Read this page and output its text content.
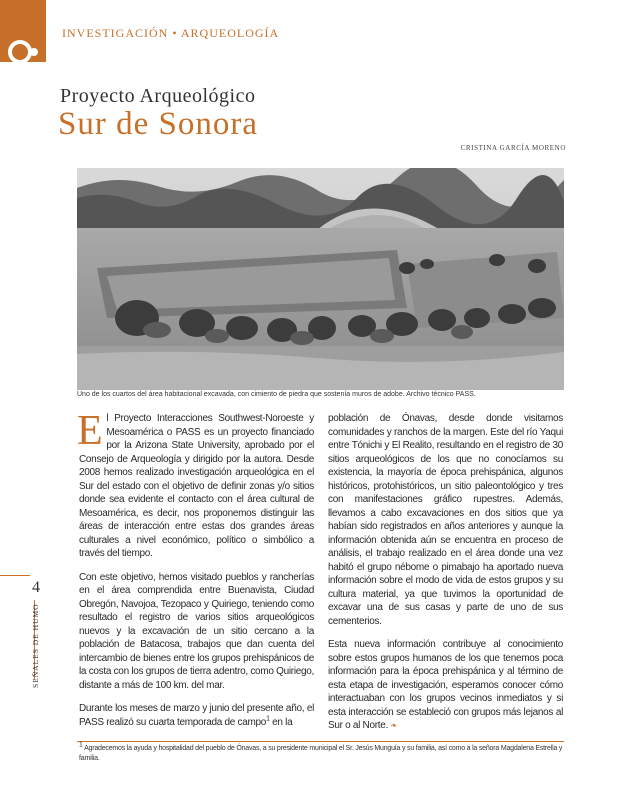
INVESTIGACIÓN • ARQUEOLOGÍA
Proyecto Arqueológico
Sur de Sonora
CRISTINA GARCÍA MORENO
Uno de los cuartos del área habitacional excavada, con cimiento de piedra que sostenía muros de adobe. Archivo técnico PASS.

El Proyecto Interacciones Southwest-Noroeste y Mesoamérica o PASS es un proyecto financiado por la Arizona State University, aprobado por el Consejo de Arqueología y dirigido por la autora. Desde 2008 hemos realizado investigación arqueológica en el Sur del estado con el objetivo de definir zonas y/o sitios donde sea evidente el contacto con el área cultural de Mesoamérica, es decir, nos proponemos distinguir las áreas de interacción entre estas dos grandes áreas culturales a nivel económico, político o simbólico a través del tiempo.

Con este objetivo, hemos visitado pueblos y rancherías en el área comprendida entre Buenavista, Ciudad Obregón, Navojoa, Tezopaco y Quiriego, teniendo como resultado el registro de varios sitios arqueológicos nuevos y la excavación de un sitio cercano a la población de Batacosa, trabajos que dan cuenta del intercambio de bienes entre los grupos prehispánicos de la costa con los grupos de tierra adentro, como Quiriego, distante a más de 100 km. del mar.

Durante los meses de marzo y junio del presente año, el PASS realizó su cuarta temporada de campo$^1$ en la

población de Ónavas, desde donde visitamos comunidades y ranchos de la margen. Este del río Yaqui entre Tónichi y El Realito, resultando en el registro de 30 sitios arqueológicos de los que no conocíamos su existencia, la mayoría de época prehispánica, algunos históricos, protohistóricos, un sitio paleontológico y tres con manifestaciones gráfico rupestres. Además, llevamos a cabo excavaciones en dos sitios que ya habían sido registrados en años anteriores y aunque la información obtenida aún se encuentra en proceso de análisis, el trabajo realizado en el área donde una vez habitó el grupo nébome o pimabajo ha aportado nueva información sobre el modo de vida de estos grupos y su cultura material, ya que tuvimos la oportunidad de excavar una de sus casas y parte de uno de sus cementerios.

Esta nueva información contribuye al conocimiento sobre estos grupos humanos de los que tenemos poca información para la época prehispánica y al término de esta etapa de investigación, esperamos conocer cómo interactuaban con los grupos vecinos inmediatos y si esta interacción se estableció con grupos más lejanos al Sur o al Norte. ❧

4
SEÑALES DE HUMO
1 Agradecemos la ayuda y hospitalidad del pueblo de Ónavas, a su presidente municipal el Sr. Jesús Munguía y su familia, así como a la señora Magdalena Estrella y familia.
